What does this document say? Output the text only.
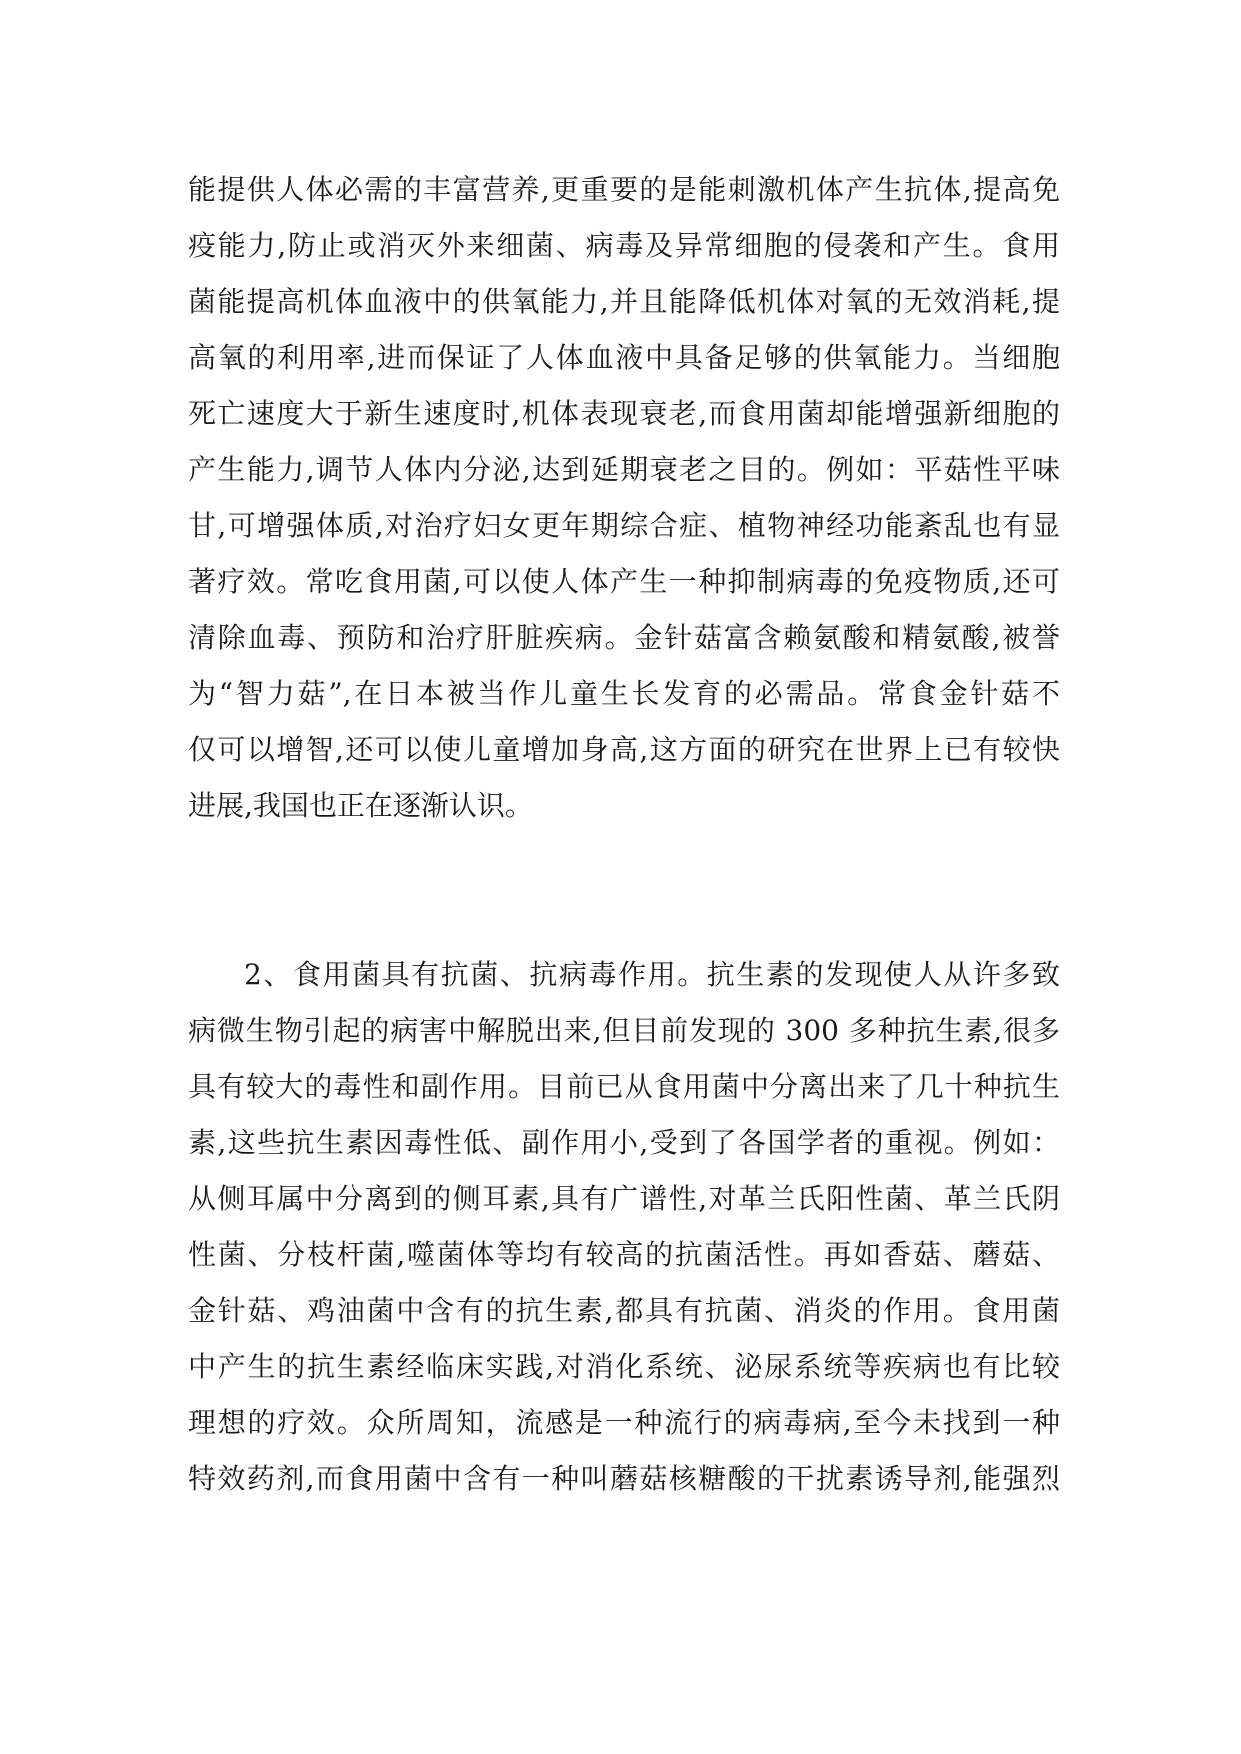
能提供人体必需的丰富营养,更重要的是能刺激机体产生抗体,提高免
疫能力,防止或消灭外来细菌、病毒及异常细胞的侵袭和产生。食用
菌能提高机体血液中的供氧能力,并且能降低机体对氧的无效消耗,提
高氧的利用率,进而保证了人体血液中具备足够的供氧能力。当细胞
死亡速度大于新生速度时,机体表现衰老,而食用菌却能增强新细胞的
产生能力,调节人体内分泌,达到延期衰老之目的。例如：平菇性平味
甘,可增强体质,对治疗妇女更年期综合症、植物神经功能紊乱也有显
著疗效。常吃食用菌,可以使人体产生一种抑制病毒的免疫物质,还可
清除血毒、预防和治疗肝脏疾病。金针菇富含赖氨酸和精氨酸,被誉
为“智力菇”,在日本被当作儿童生长发育的必需品。常食金针菇不
仅可以增智,还可以使儿童增加身高,这方面的研究在世界上已有较快
进展,我国也正在逐渐认识。
2、食用菌具有抗菌、抗病毒作用。抗生素的发现使人从许多致
病微生物引起的病害中解脱出来,但目前发现的 300 多种抗生素,很多
具有较大的毒性和副作用。目前已从食用菌中分离出来了几十种抗生
素,这些抗生素因毒性低、副作用小,受到了各国学者的重视。例如：
从侧耳属中分离到的侧耳素,具有广谱性,对革兰氏阳性菌、革兰氏阴
性菌、分枝杆菌,噬菌体等均有较高的抗菌活性。再如香菇、蘑菇、
金针菇、鸡油菌中含有的抗生素,都具有抗菌、消炎的作用。食用菌
中产生的抗生素经临床实践,对消化系统、泌尿系统等疾病也有比较
理想的疗效。众所周知，流感是一种流行的病毒病,至今未找到一种
特效药剂,而食用菌中含有一种叫蘑菇核糖酸的干扰素诱导剂,能强烈
